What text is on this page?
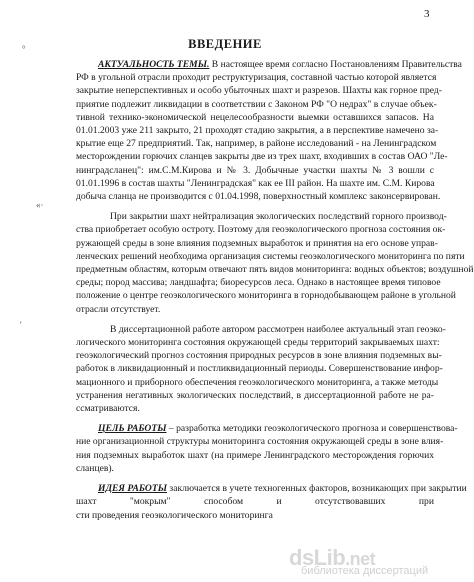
3
ВВЕДЕНИЕ
°
«·
'
АКТУАЛЬНОСТЬ ТЕМЫ. В настоящее время согласно Постановлениям Правительства
РФ в угольной отрасли проходит реструктуризация, составной частью которой является
закрытие неперспективных и особо убыточных шахт и разрезов. Шахты как горное пред-
приятие подлежит ликвидации в соответствии с Законом РФ "О недрах" в случае объек-
тивной технико-экономической нецелесообразности выемки оставшихся запасов. На
01.01.2003 уже 211 закрыто, 21 проходят стадию закрытия, а в перспективе намечено за-
крытие еще 27 предприятий. Так, например, в районе исследований - на Ленинградском
месторождении горючих сланцев закрыты две из трех шахт, входивших в состав ОАО "Ле-
нинградсланец": им.С.М.Кирова и № 3. Добычные участки шахты № 3 вошли с
01.01.1996 в состав шахты "Ленинградская" как ее III район. На шахте им. С.М. Кирова
добыча сланца не производится с 01.04.1998, поверхностный комплекс законсервирован.
При закрытии шахт нейтрализация экологических последствий горного производ-
ства приобретает особую остроту. Поэтому для геоэкологического прогноза состояния ок-
ружающей среды в зоне влияния подземных выработок и принятия на его основе управ-
ленческих решений необходима организация системы геоэкологического мониторинга по пяти
предметным областям, которым отвечают пять видов мониторинга: водных объектов; воздушной
среды; пород массива; ландшафта; биоресурсов леса. Однако в настоящее время типовое
положение о центре геоэкологического мониторинга в горнодобывающем районе в угольной
отрасли отсутствует.
В диссертационной работе автором рассмотрен наиболее актуальный этап геоэко-
логического мониторинга состояния окружающей среды территорий закрываемых шахт:
геоэкологический прогноз состояния природных ресурсов в зоне влияния подземных вы-
работок в ликвидационный и постликвидационный периоды. Совершенствование инфор-
мационного и приборного обеспечения геоэкологического мониторинга, а также методы
устранения негативных экологических последствий, в диссертационной работе не ра-
ссматриваются.
ЦЕЛЬ РАБОТЫ – разработка методики геоэкологического прогноза и совершенствова-
ние организационной структуры мониторинга состояния окружающей среды в зоне влия-
ния подземных выработок шахт (на примере Ленинградского месторождения горючих
сланцев).
ИДЕЯ РАБОТЫ заключается в учете техногенных факторов, возникающих при закрытии
шахт "мокрым" способом и отсутствовавших при
сти проведения геоэкологического мониторинга
dsLib.net
библиотека диссертаций
